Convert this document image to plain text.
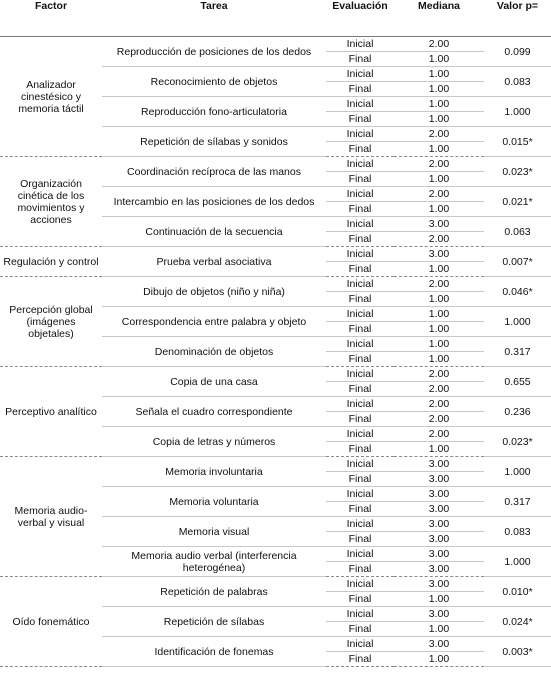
Factor	Tarea	Evaluación	Mediana	Valor p=
Analizador cinestésico y memoria táctil	Reproducción de posiciones de los dedos	Inicial	2.00	0.099
		Final	1.00	
	Reconocimiento de objetos	Inicial	1.00	0.083
		Final	1.00	
	Reproducción fono-articulatoria	Inicial	1.00	1.000
		Final	1.00	
	Repetición de sílabas y sonidos	Inicial	2.00	0.015*
		Final	1.00	
Organización cinética de los movimientos y acciones	Coordinación recíproca de las manos	Inicial	2.00	0.023*
		Final	1.00	
	Intercambio en las posiciones de los dedos	Inicial	2.00	0.021*
		Final	1.00	
	Continuación de la secuencia	Inicial	3.00	0.063
		Final	2.00	
Regulación y control	Prueba verbal asociativa	Inicial	3.00	0.007*
		Final	1.00	
Percepción global (imágenes objetales)	Dibujo de objetos (niño y niña)	Inicial	2.00	0.046*
		Final	1.00	
	Correspondencia entre palabra y objeto	Inicial	1.00	1.000
		Final	1.00	
	Denominación de objetos	Inicial	1.00	0.317
		Final	1.00	
Perceptivo analítico	Copia de una casa	Inicial	2.00	0.655
		Final	2.00	
	Señala el cuadro correspondiente	Inicial	2.00	0.236
		Final	2.00	
	Copia de letras y números	Inicial	2.00	0.023*
		Final	1.00	
Memoria audio-verbal y visual	Memoria involuntaria	Inicial	3.00	1.000
		Final	3.00	
	Memoria voluntaria	Inicial	3.00	0.317
		Final	3.00	
	Memoria visual	Inicial	3.00	0.083
		Final	3.00	
	Memoria audio verbal (interferencia heterogénea)	Inicial	3.00	1.000
		Final	3.00	
Oído fonemático	Repetición de palabras	Inicial	3.00	0.010*
		Final	1.00	
	Repetición de sílabas	Inicial	3.00	0.024*
		Final	1.00	
	Identificación de fonemas	Inicial	3.00	0.003*
		Final	1.00	
